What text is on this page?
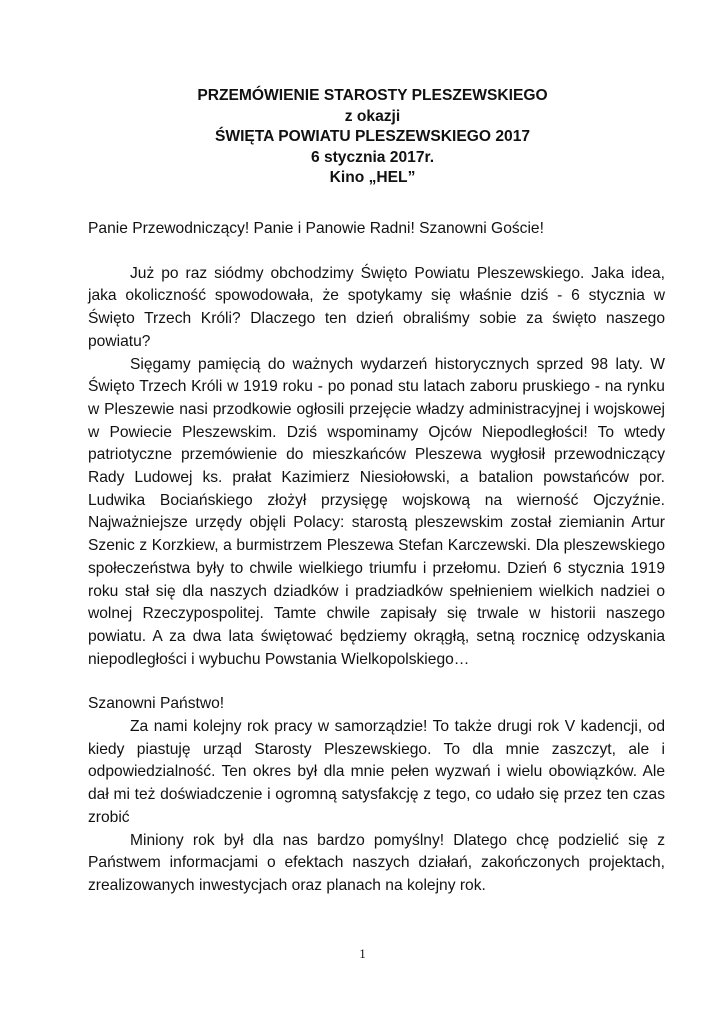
PRZEMÓWIENIE STAROSTY PLESZEWSKIEGO
z okazji
ŚWIĘTA POWIATU PLESZEWSKIEGO 2017
6 stycznia 2017r.
Kino „HEL”

Panie Przewodniczący! Panie i Panowie Radni! Szanowni Goście!

Już po raz siódmy obchodzimy Święto Powiatu Pleszewskiego. Jaka idea, jaka okoliczność spowodowała, że spotykamy się właśnie dziś - 6 stycznia w Święto Trzech Króli? Dlaczego ten dzień obraliśmy sobie za święto naszego powiatu?

Sięgamy pamięcią do ważnych wydarzeń historycznych sprzed 98 laty. W Święto Trzech Króli w 1919 roku - po ponad stu latach zaboru pruskiego - na rynku w Pleszewie nasi przodkowie ogłosili przejęcie władzy administracyjnej i wojskowej w Powiecie Pleszewskim. Dziś wspominamy Ojców Niepodległości! To wtedy patriotyczne przemówienie do mieszkańców Pleszewa wygłosił przewodniczący Rady Ludowej ks. prałat Kazimierz Niesiołowski, a batalion powstańców por. Ludwika Bociańskiego złożył przysięgę wojskową na wierność Ojczyźnie. Najważniejsze urzędy objęli Polacy: starostą pleszewskim został ziemianin Artur Szenic z Korzkiew, a burmistrzem Pleszewa Stefan Karczewski. Dla pleszewskiego społeczeństwa były to chwile wielkiego triumfu i przełomu. Dzień 6 stycznia 1919 roku stał się dla naszych dziadków i pradziadków spełnieniem wielkich nadziei o wolnej Rzeczypospolitej. Tamte chwile zapisały się trwale w historii naszego powiatu. A za dwa lata świętować będziemy okrągłą, setną rocznicę odzyskania niepodległości i wybuchu Powstania Wielkopolskiego…

Szanowni Państwo!

Za nami kolejny rok pracy w samorządzie! To także drugi rok V kadencji, od kiedy piastuję urząd Starosty Pleszewskiego. To dla mnie zaszczyt, ale i odpowiedzialność. Ten okres był dla mnie pełen wyzwań i wielu obowiązków. Ale dał mi też doświadczenie i ogromną satysfakcję z tego, co udało się przez ten czas zrobić

Miniony rok był dla nas bardzo pomyślny! Dlatego chcę podzielić się z Państwem informacjami o efektach naszych działań, zakończonych projektach, zrealizowanych inwestycjach oraz planach na kolejny rok.

1
